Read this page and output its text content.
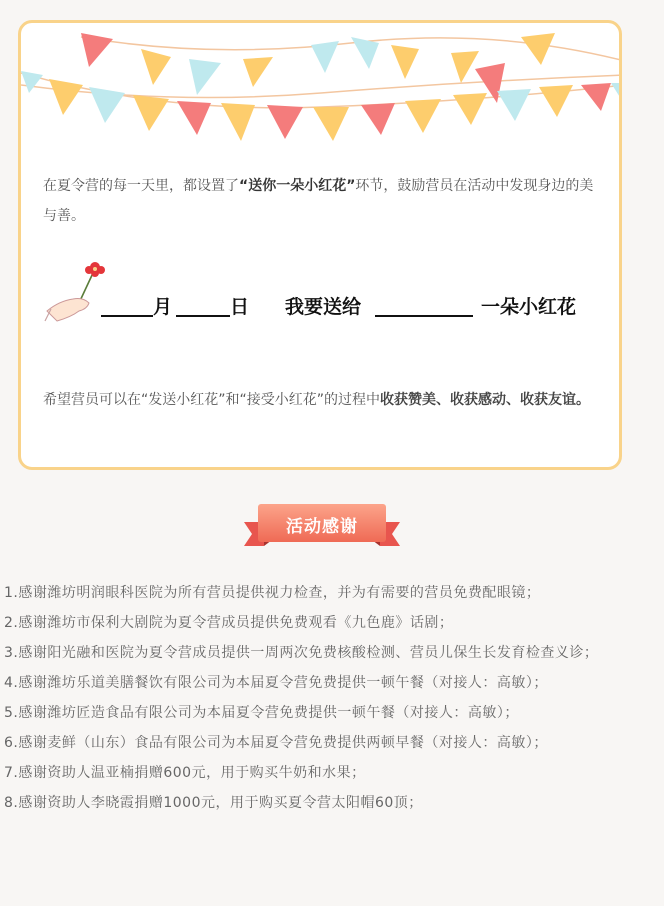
在夏令营的每一天里，都设置了“送你一朵小红花”环节，鼓励营员在活动中发现身边的美与善。

月	日 我要送给	一朵小红花

希望营员可以在“发送小红花”和“接受小红花”的过程中收获赞美、收获感动、收获友谊。

活动感谢
1.感谢潍坊明润眼科医院为所有营员提供视力检查，并为有需要的营员免费配眼镜；
2.感谢潍坊市保利大剧院为夏令营成员提供免费观看《九色鹿》话剧；
3.感谢阳光融和医院为夏令营成员提供一周两次免费核酸检测、营员儿保生长发育检查义诊；
4.感谢潍坊乐道美膳餐饮有限公司为本届夏令营免费提供一顿午餐（对接人：高敏）；
5.感谢潍坊匠造食品有限公司为本届夏令营免费提供一顿午餐（对接人：高敏）；
6.感谢麦鲜（山东）食品有限公司为本届夏令营免费提供两顿早餐（对接人：高敏）；
7.感谢资助人温亚楠捐赠600元，用于购买牛奶和水果；
8.感谢资助人李晓霞捐赠1000元，用于购买夏令营太阳帽60顶；
